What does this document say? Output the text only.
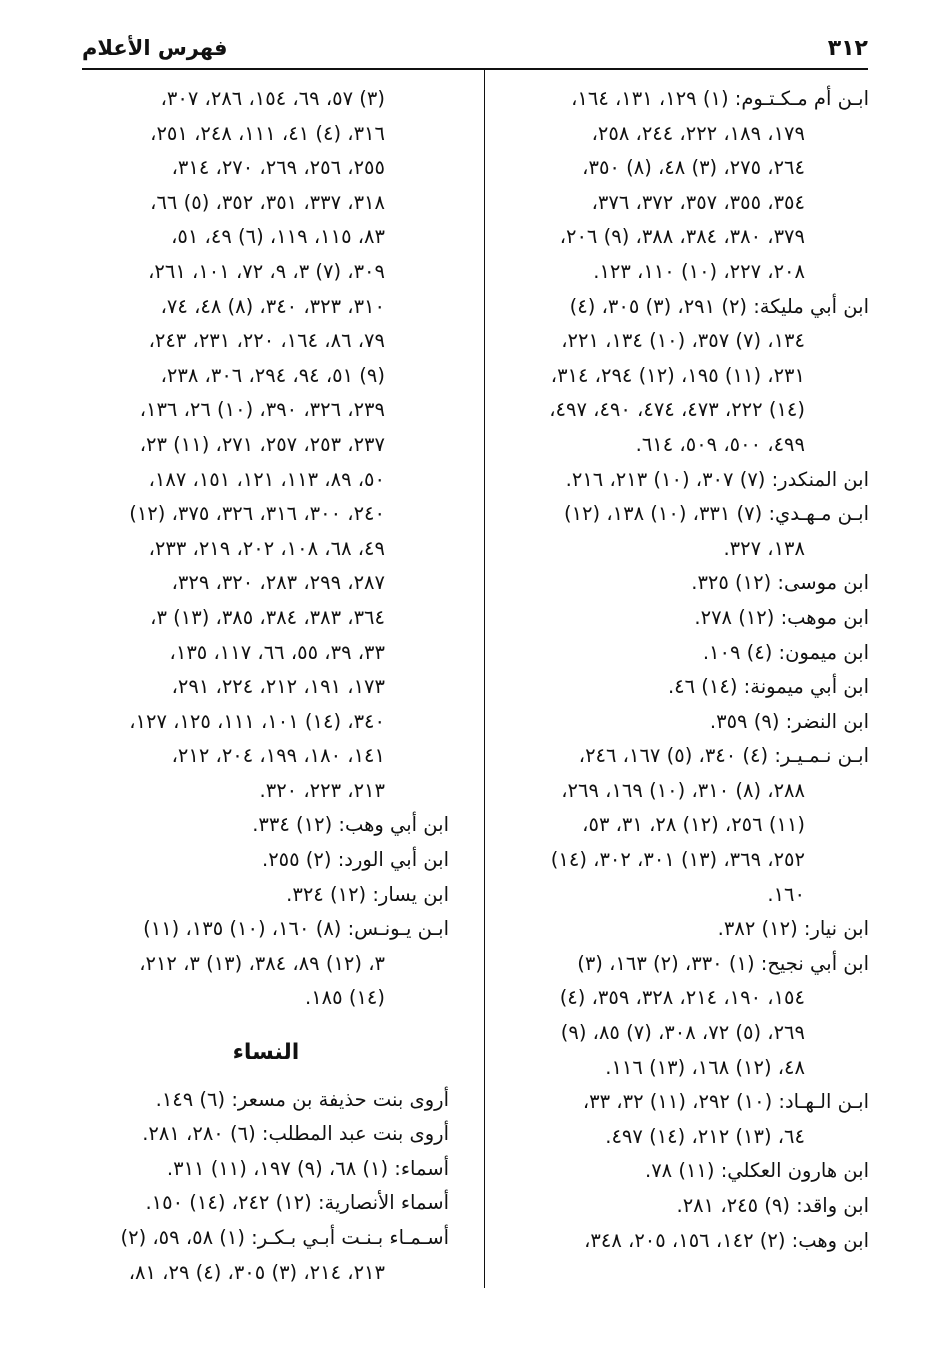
٣١٢
فهرس الأعلام
ابـن أم مـكـتـوم: (١) ١٢٩، ١٣١، ١٦٤،
١٧٩، ١٨٩، ٢٢٢، ٢٤٤، ٢٥٨،
٢٦٤، ٢٧٥، (٣) ٤٨، (٨) ٣٥٠،
٣٥٤، ٣٥٥، ٣٥٧، ٣٧٢، ٣٧٦،
٣٧٩، ٣٨٠، ٣٨٤، ٣٨٨، (٩) ٢٠٦،
٢٠٨، ٢٢٧، (١٠) ١١٠، ١٢٣.
ابن أبي مليكة: (٢) ٢٩١، (٣) ٣٠٥، (٤)
١٣٤، (٧) ٣٥٧، (١٠) ١٣٤، ٢٢١،
٢٣١، (١١) ١٩٥، (١٢) ٢٩٤، ٣١٤،
(١٤) ٢٢٢، ٤٧٣، ٤٧٤، ٤٩٠، ٤٩٧،
٤٩٩، ٥٠٠، ٥٠٩، ٦١٤.
ابن المنكدر: (٧) ٣٠٧، (١٠) ٢١٣، ٢١٦.
ابـن مـهـدي: (٧) ٣٣١، (١٠) ١٣٨، (١٢)
١٣٨، ٣٢٧.
ابن موسى: (١٢) ٣٢٥.
ابن موهب: (١٢) ٢٧٨.
ابن ميمون: (٤) ١٠٩.
ابن أبي ميمونة: (١٤) ٤٦.
ابن النضر: (٩) ٣٥٩.
ابـن نـمـيـر: (٤) ٣٤٠، (٥) ١٦٧، ٢٤٦،
٢٨٨، (٨) ٣١٠، (١٠) ١٦٩، ٢٦٩،
(١١) ٢٥٦، (١٢) ٢٨، ٣١، ٥٣،
٢٥٢، ٣٦٩، (١٣) ٣٠١، ٣٠٢، (١٤)
١٦٠.
ابن نيار: (١٢) ٣٨٢.
ابن أبي نجيح: (١) ٣٣٠، (٢) ١٦٣، (٣)
١٥٤، ١٩٠، ٢١٤، ٣٢٨، ٣٥٩، (٤)
٢٦٩، (٥) ٧٢، ٣٠٨، (٧) ٨٥، (٩)
٤٨، (١٢) ١٦٨، (١٣) ١١٦.
ابـن الـهـاد: (١٠) ٢٩٢، (١١) ٣٢، ٣٣،
٦٤، (١٣) ٢١٢، (١٤) ٤٩٧.
ابن هارون العكلي: (١١) ٧٨.
ابن واقد: (٩) ٢٤٥، ٢٨١.
ابن وهب: (٢) ١٤٢، ١٥٦، ٢٠٥، ٣٤٨،
(٣) ٥٧، ٦٩، ١٥٤، ٢٨٦، ٣٠٧،
٣١٦، (٤) ٤١، ١١١، ٢٤٨، ٢٥١،
٢٥٥، ٢٥٦، ٢٦٩، ٢٧٠، ٣١٤،
٣١٨، ٣٣٧، ٣٥١، ٣٥٢، (٥) ٦٦،
٨٣، ١١٥، ١١٩، (٦) ٤٩، ٥١،
٣٠٩، (٧) ٣، ٩، ٧٢، ١٠١، ٢٦١،
٣١٠، ٣٢٣، ٣٤٠، (٨) ٤٨، ٧٤،
٧٩، ٨٦، ١٦٤، ٢٢٠، ٢٣١، ٢٤٣،
(٩) ٥١، ٩٤، ٢٩٤، ٣٠٦، ٢٣٨،
٢٣٩، ٣٢٦، ٣٩٠، (١٠) ٢٦، ١٣٦،
٢٣٧، ٢٥٣، ٢٥٧، ٢٧١، (١١) ٢٣،
٥٠، ٨٩، ١١٣، ١٢١، ١٥١، ١٨٧،
٢٤٠، ٣٠٠، ٣١٦، ٣٢٦، ٣٧٥، (١٢)
٤٩، ٦٨، ١٠٨، ٢٠٢، ٢١٩، ٢٣٣،
٢٨٧، ٢٩٩، ٢٨٣، ٣٢٠، ٣٢٩،
٣٦٤، ٣٨٣، ٣٨٤، ٣٨٥، (١٣) ٣،
٣٣، ٣٩، ٥٥، ٦٦، ١١٧، ١٣٥،
١٧٣، ١٩١، ٢١٢، ٢٢٤، ٢٩١،
٣٤٠، (١٤) ١٠١، ١١١، ١٢٥، ١٢٧،
١٤١، ١٨٠، ١٩٩، ٢٠٤، ٢١٢،
٢١٣، ٢٢٣، ٣٢٠.
ابن أبي وهب: (١٢) ٣٣٤.
ابن أبي الورد: (٢) ٢٥٥.
ابن يسار: (١٢) ٣٢٤.
ابـن يـونـس: (٨) ١٦٠، (١٠) ١٣٥، (١١)
٣، (١٢) ٨٩، ٣٨٤، (١٣) ٣، ٢١٢،
(١٤) ١٨٥.
النساء
أروى بنت حذيفة بن مسعر: (٦) ١٤٩.
أروى بنت عبد المطلب: (٦) ٢٨٠، ٢٨١.
أسماء: (١) ٦٨، (٩) ١٩٧، (١١) ٣١١.
أسماء الأنصارية: (١٢) ٢٤٢، (١٤) ١٥٠.
أسـمـاء بـنـت أبـي بـكـر: (١) ٥٨، ٥٩، (٢)
٢١٣، ٢١٤، (٣) ٣٠٥، (٤) ٢٩، ٨١،
